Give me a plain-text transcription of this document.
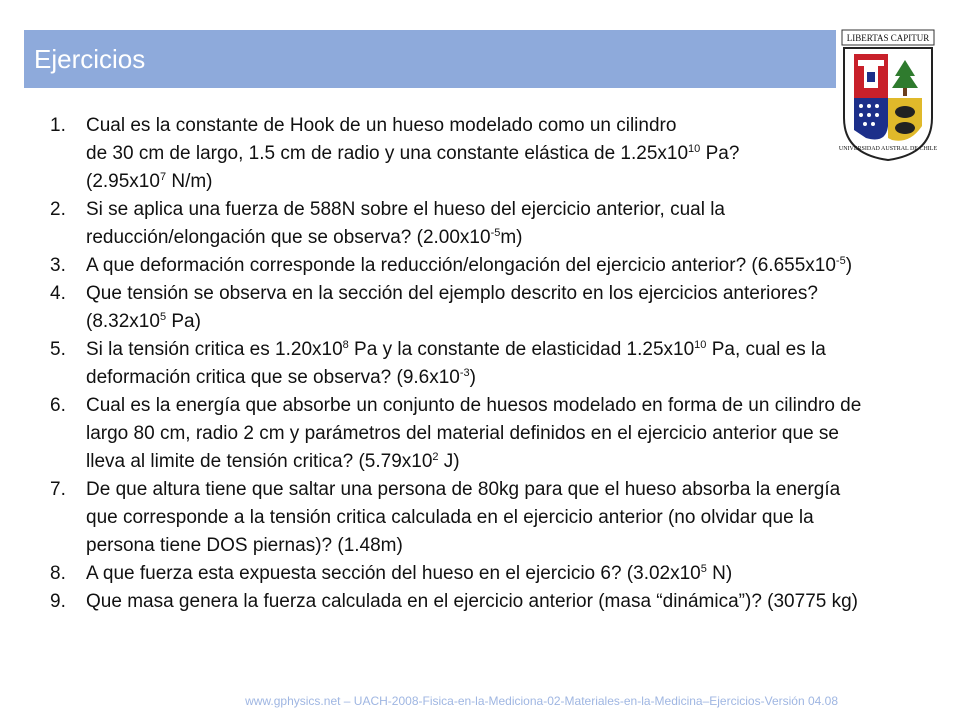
Ejercicios
LIBERTAS CAPITUR
UNIVERSIDAD AUSTRAL DE CHILE
1.	Cual es la constante de Hook de un hueso modelado como un cilindro
de 30 cm de largo, 1.5 cm de radio y una constante elástica de $1.25x10^{10}$ Pa?
($2.95x10^7$ N/m)
2.	Si se aplica una fuerza de 588N sobre el hueso del ejercicio anterior, cual la reducción/elongación que se observa? $(2.00x10^{-5}m)$
3.	A que deformación corresponde la reducción/elongación del ejercicio anterior? $(6.655x10^{-5})$
4.	Que tensión se observa en la sección del ejemplo descrito en los ejercicios anteriores? ($8.32x10^5$ Pa)
5.	Si la tensión critica es $1.20x10^8$ Pa y la constante de elasticidad $1.25x10^{10}$ Pa, cual es la deformación critica que se observa? $(9.6x10^{-3})$
6.	Cual es la energía que absorbe un conjunto de huesos modelado en forma de un cilindro de largo 80 cm, radio 2 cm y parámetros del material definidos en el ejercicio anterior que se lleva al limite de tensión critica? ($5.79x10^2$ J)
7.	De que altura tiene que saltar una persona de 80kg para que el hueso absorba la energía que corresponde a la tensión critica calculada en el ejercicio anterior (no olvidar que la persona tiene DOS piernas)? (1.48m)
8.	A que fuerza esta expuesta sección del hueso en el ejercicio 6? ($3.02x10^5$ N)
9.	Que masa genera la fuerza calculada en el ejercicio anterior (masa “dinámica”)? (30775 kg)
www.gphysics.net – UACH-2008-Fisica-en-la-Mediciona-02-Materiales-en-la-Medicina–Ejercicios-Versión 04.08
